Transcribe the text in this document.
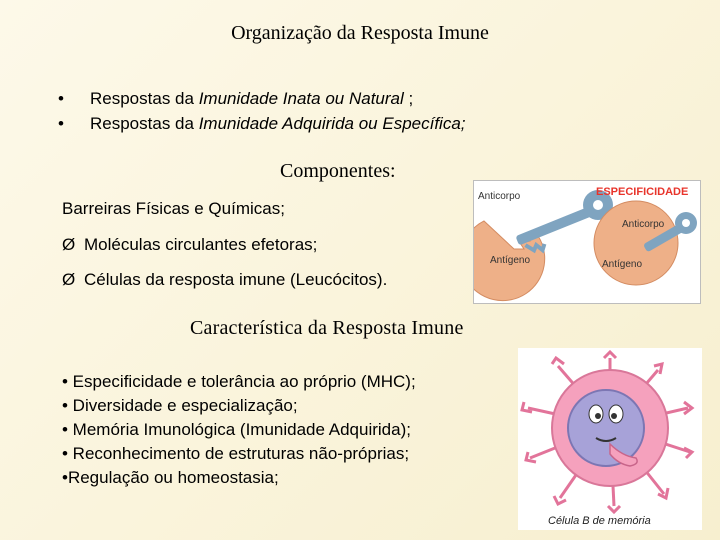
Organização da Resposta Imune
•	Respostas da Imunidade Inata ou Natural ;
•	Respostas da Imunidade Adquirida ou Específica;
Componentes:
Barreiras Físicas e Químicas;
Ø Moléculas circulantes efetoras;
Ø Células da resposta imune (Leucócitos).
Característica da Resposta Imune
• Especificidade e tolerância ao próprio (MHC);
• Diversidade e especialização;
• Memória Imunológica (Imunidade Adquirida);
• Reconhecimento de estruturas não-próprias;
•Regulação ou homeostasia;
Anticorpo
Antígeno
ESPECIFICIDADE
Anticorpo
Antígeno
Célula B de memória
